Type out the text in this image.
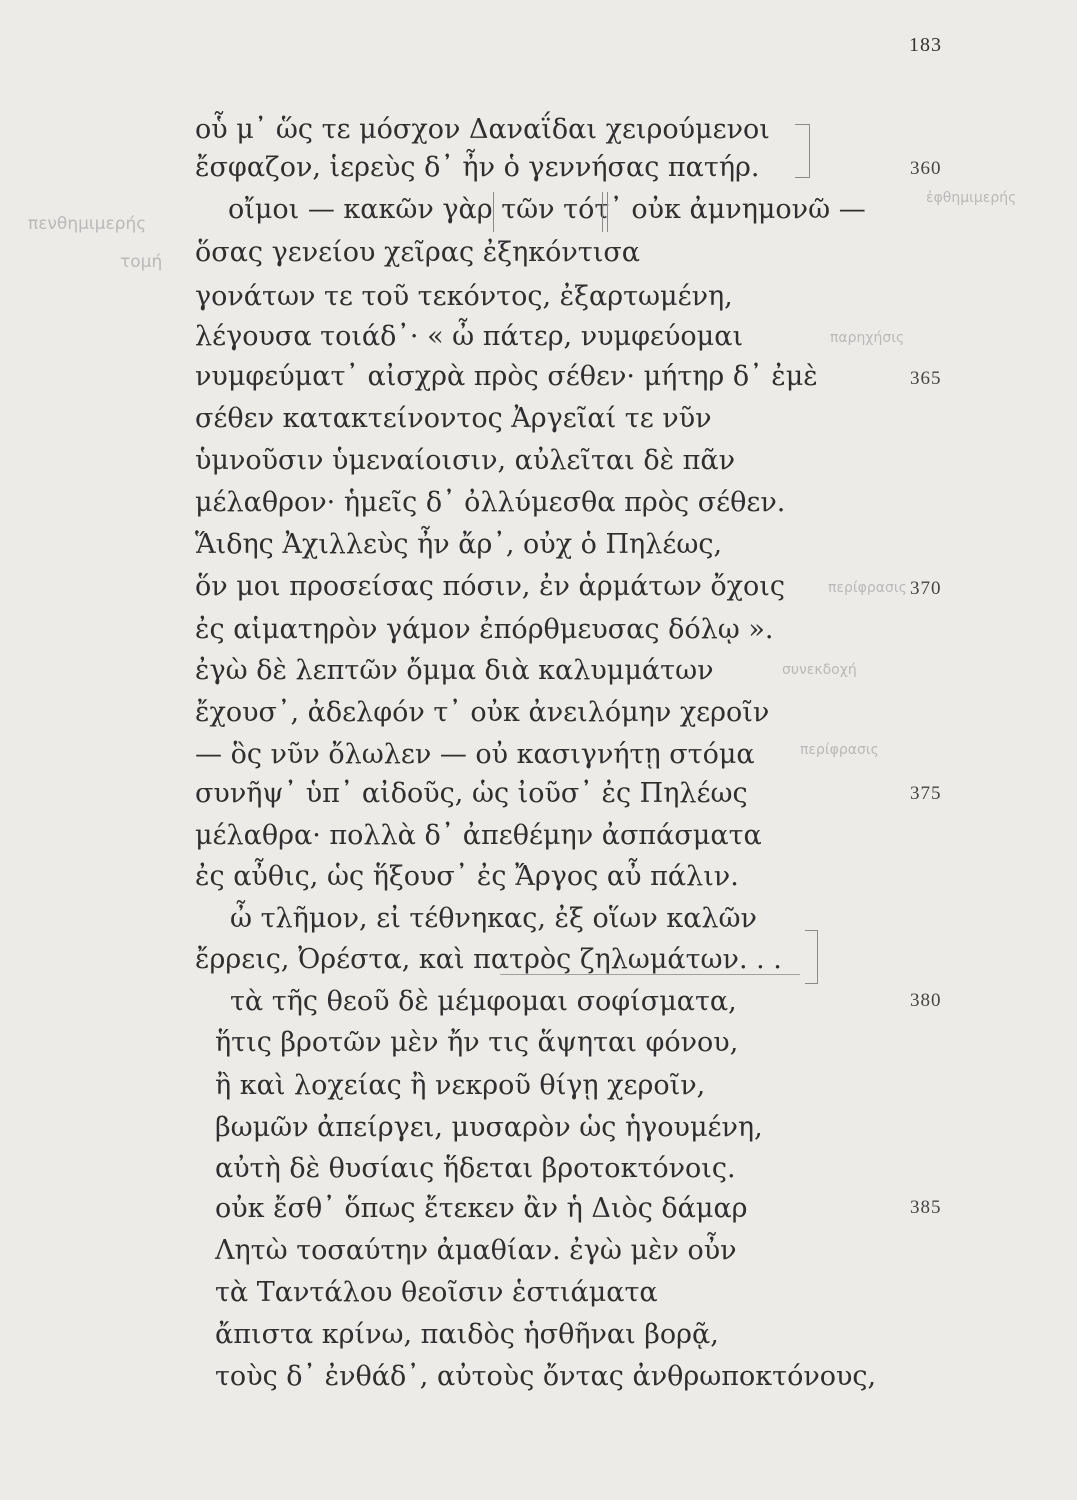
183
οὗ μ᾽ ὥς τε μόσχον Δαναΐδαι χειρούμενοι
ἔσφαζον, ἱερεὺς δ᾽ ἦν ὁ γεννήσας πατήρ.
οἴμοι — κακῶν γὰρ τῶν τότ᾽ οὐκ ἀμνημονῶ —
ὅσας γενείου χεῖρας ἐξηκόντισα
γονάτων τε τοῦ τεκόντος, ἐξαρτωμένη,
λέγουσα τοιάδ᾽· « ὦ πάτερ, νυμφεύομαι
νυμφεύματ᾽ αἰσχρὰ πρὸς σέθεν· μήτηρ δ᾽ ἐμὲ
σέθεν κατακτείνοντος Ἀργεῖαί τε νῦν
ὑμνοῦσιν ὑμεναίοισιν, αὐλεῖται δὲ πᾶν
μέλαθρον· ἡμεῖς δ᾽ ὀλλύμεσθα πρὸς σέθεν.
Ἅιδης Ἀχιλλεὺς ἦν ἄρ᾽, οὐχ ὁ Πηλέως,
ὅν μοι προσείσας πόσιν, ἐν ἁρμάτων ὄχοις
ἐς αἱματηρὸν γάμον ἐπόρθμευσας δόλῳ ».
ἐγὼ δὲ λεπτῶν ὄμμα διὰ καλυμμάτων
ἔχουσ᾽, ἀδελφόν τ᾽ οὐκ ἀνειλόμην χεροῖν
— ὃς νῦν ὄλωλεν — οὐ κασιγνήτῃ στόμα
συνῆψ᾽ ὑπ᾽ αἰδοῦς, ὡς ἰοῦσ᾽ ἐς Πηλέως
μέλαθρα· πολλὰ δ᾽ ἀπεθέμην ἀσπάσματα
ἐς αὖθις, ὡς ἥξουσ᾽ ἐς Ἄργος αὖ πάλιν.
ὦ τλῆμον, εἰ τέθνηκας, ἐξ οἵων καλῶν
ἔρρεις, Ὀρέστα, καὶ πατρὸς ζηλωμάτων. . .
τὰ τῆς θεοῦ δὲ μέμφομαι σοφίσματα,
ἥτις βροτῶν μὲν ἤν τις ἅψηται φόνου,
ἢ καὶ λοχείας ἢ νεκροῦ θίγῃ χεροῖν,
βωμῶν ἀπείργει, μυσαρὸν ὡς ἡγουμένη,
αὐτὴ δὲ θυσίαις ἥδεται βροτοκτόνοις.
οὐκ ἔσθ᾽ ὅπως ἔτεκεν ἂν ἡ Διὸς δάμαρ
Λητὼ τοσαύτην ἀμαθίαν. ἐγὼ μὲν οὖν
τὰ Ταντάλου θεοῖσιν ἑστιάματα
ἄπιστα κρίνω, παιδὸς ἡσθῆναι βορᾷ,
τοὺς δ᾽ ἐνθάδ᾽, αὐτοὺς ὄντας ἀνθρωποκτόνους,
360
365
370
375
380
385
πενθημιμερής
τομή
ἐφθημιμερής
παρηχήσις
περίφρασις
συνεκδοχή
περίφρασις
